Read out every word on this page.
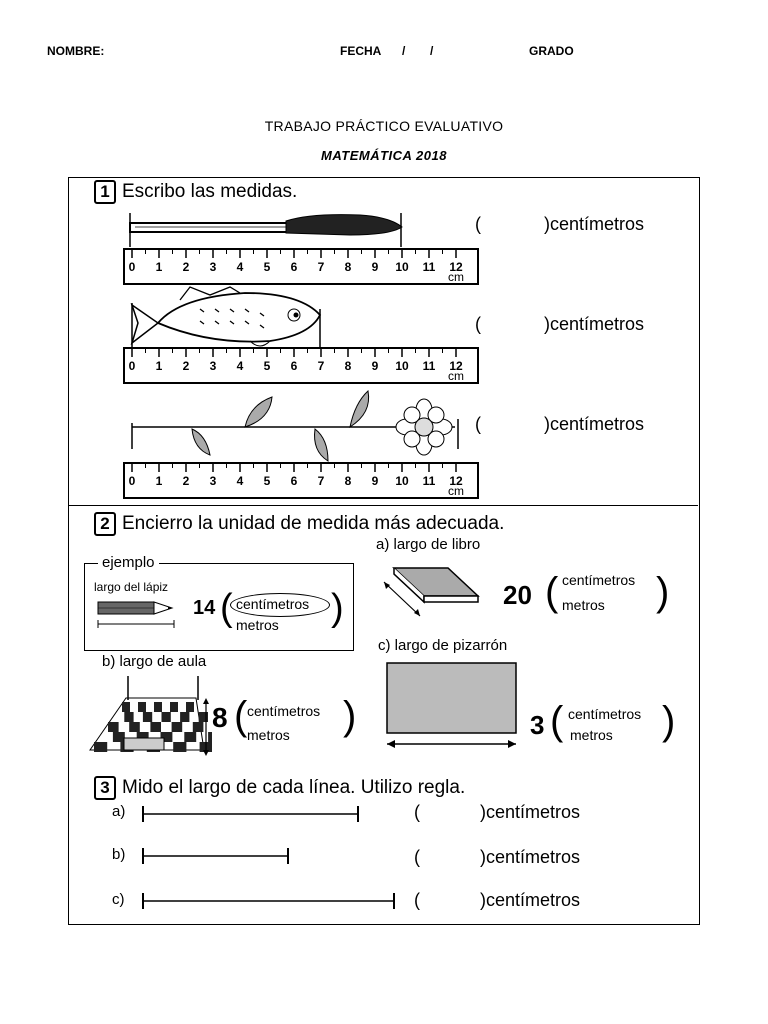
NOMBRE:	FECHA / /	GRADO
TRABAJO PRÁCTICO EVALUATIVO
MATEMÁTICA 2018
1 Escribo las medidas.
0 1 2 3 4 5 6 7 8 9 10 11 12
cm
0 1 2 3 4 5 6 7 8 9 10 11 12
cm
0 1 2 3 4 5 6 7 8 9 10 11 12
cm
(	)centímetros
(	)centímetros
(	)centímetros
2 Encierro la unidad de medida más adecuada.
ejemplo
largo del lápiz
14 (	)
centímetros
metros
a) largo de libro
20 ( )
centímetros
metros
b) largo de aula
8 ( )
centímetros
metros
c) largo de pizarrón
3 ( )
centímetros
metros
3 Mido el largo de cada línea. Utilizo regla.
a)	(	)centímetros
b)	(	)centímetros
c)	(	)centímetros
